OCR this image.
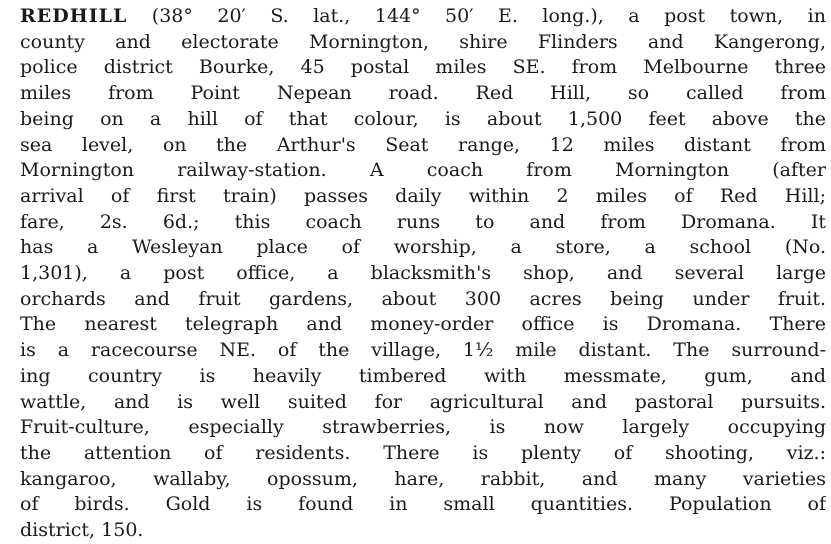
REDHILL (38° 20′ S. lat., 144° 50′ E. long.), a post town, in
county and electorate Mornington, shire Flinders and Kangerong,
police district Bourke, 45 postal miles SE. from Melbourne three
miles from Point Nepean road. Red Hill, so called from
being on a hill of that colour, is about 1,500 feet above the
sea level, on the Arthur's Seat range, 12 miles distant from
Mornington railway-station. A coach from Mornington (after
arrival of first train) passes daily within 2 miles of Red Hill;
fare, 2s. 6d.; this coach runs to and from Dromana. It
has a Wesleyan place of worship, a store, a school (No.
1,301), a post office, a blacksmith's shop, and several large
orchards and fruit gardens, about 300 acres being under fruit.
The nearest telegraph and money-order office is Dromana. There
is a racecourse NE. of the village, 1½ mile distant. The surround-
ing country is heavily timbered with messmate, gum, and
wattle, and is well suited for agricultural and pastoral pursuits.
Fruit-culture, especially strawberries, is now largely occupying
the attention of residents. There is plenty of shooting, viz.:
kangaroo, wallaby, opossum, hare, rabbit, and many varieties
of birds. Gold is found in small quantities. Population of
district, 150.
